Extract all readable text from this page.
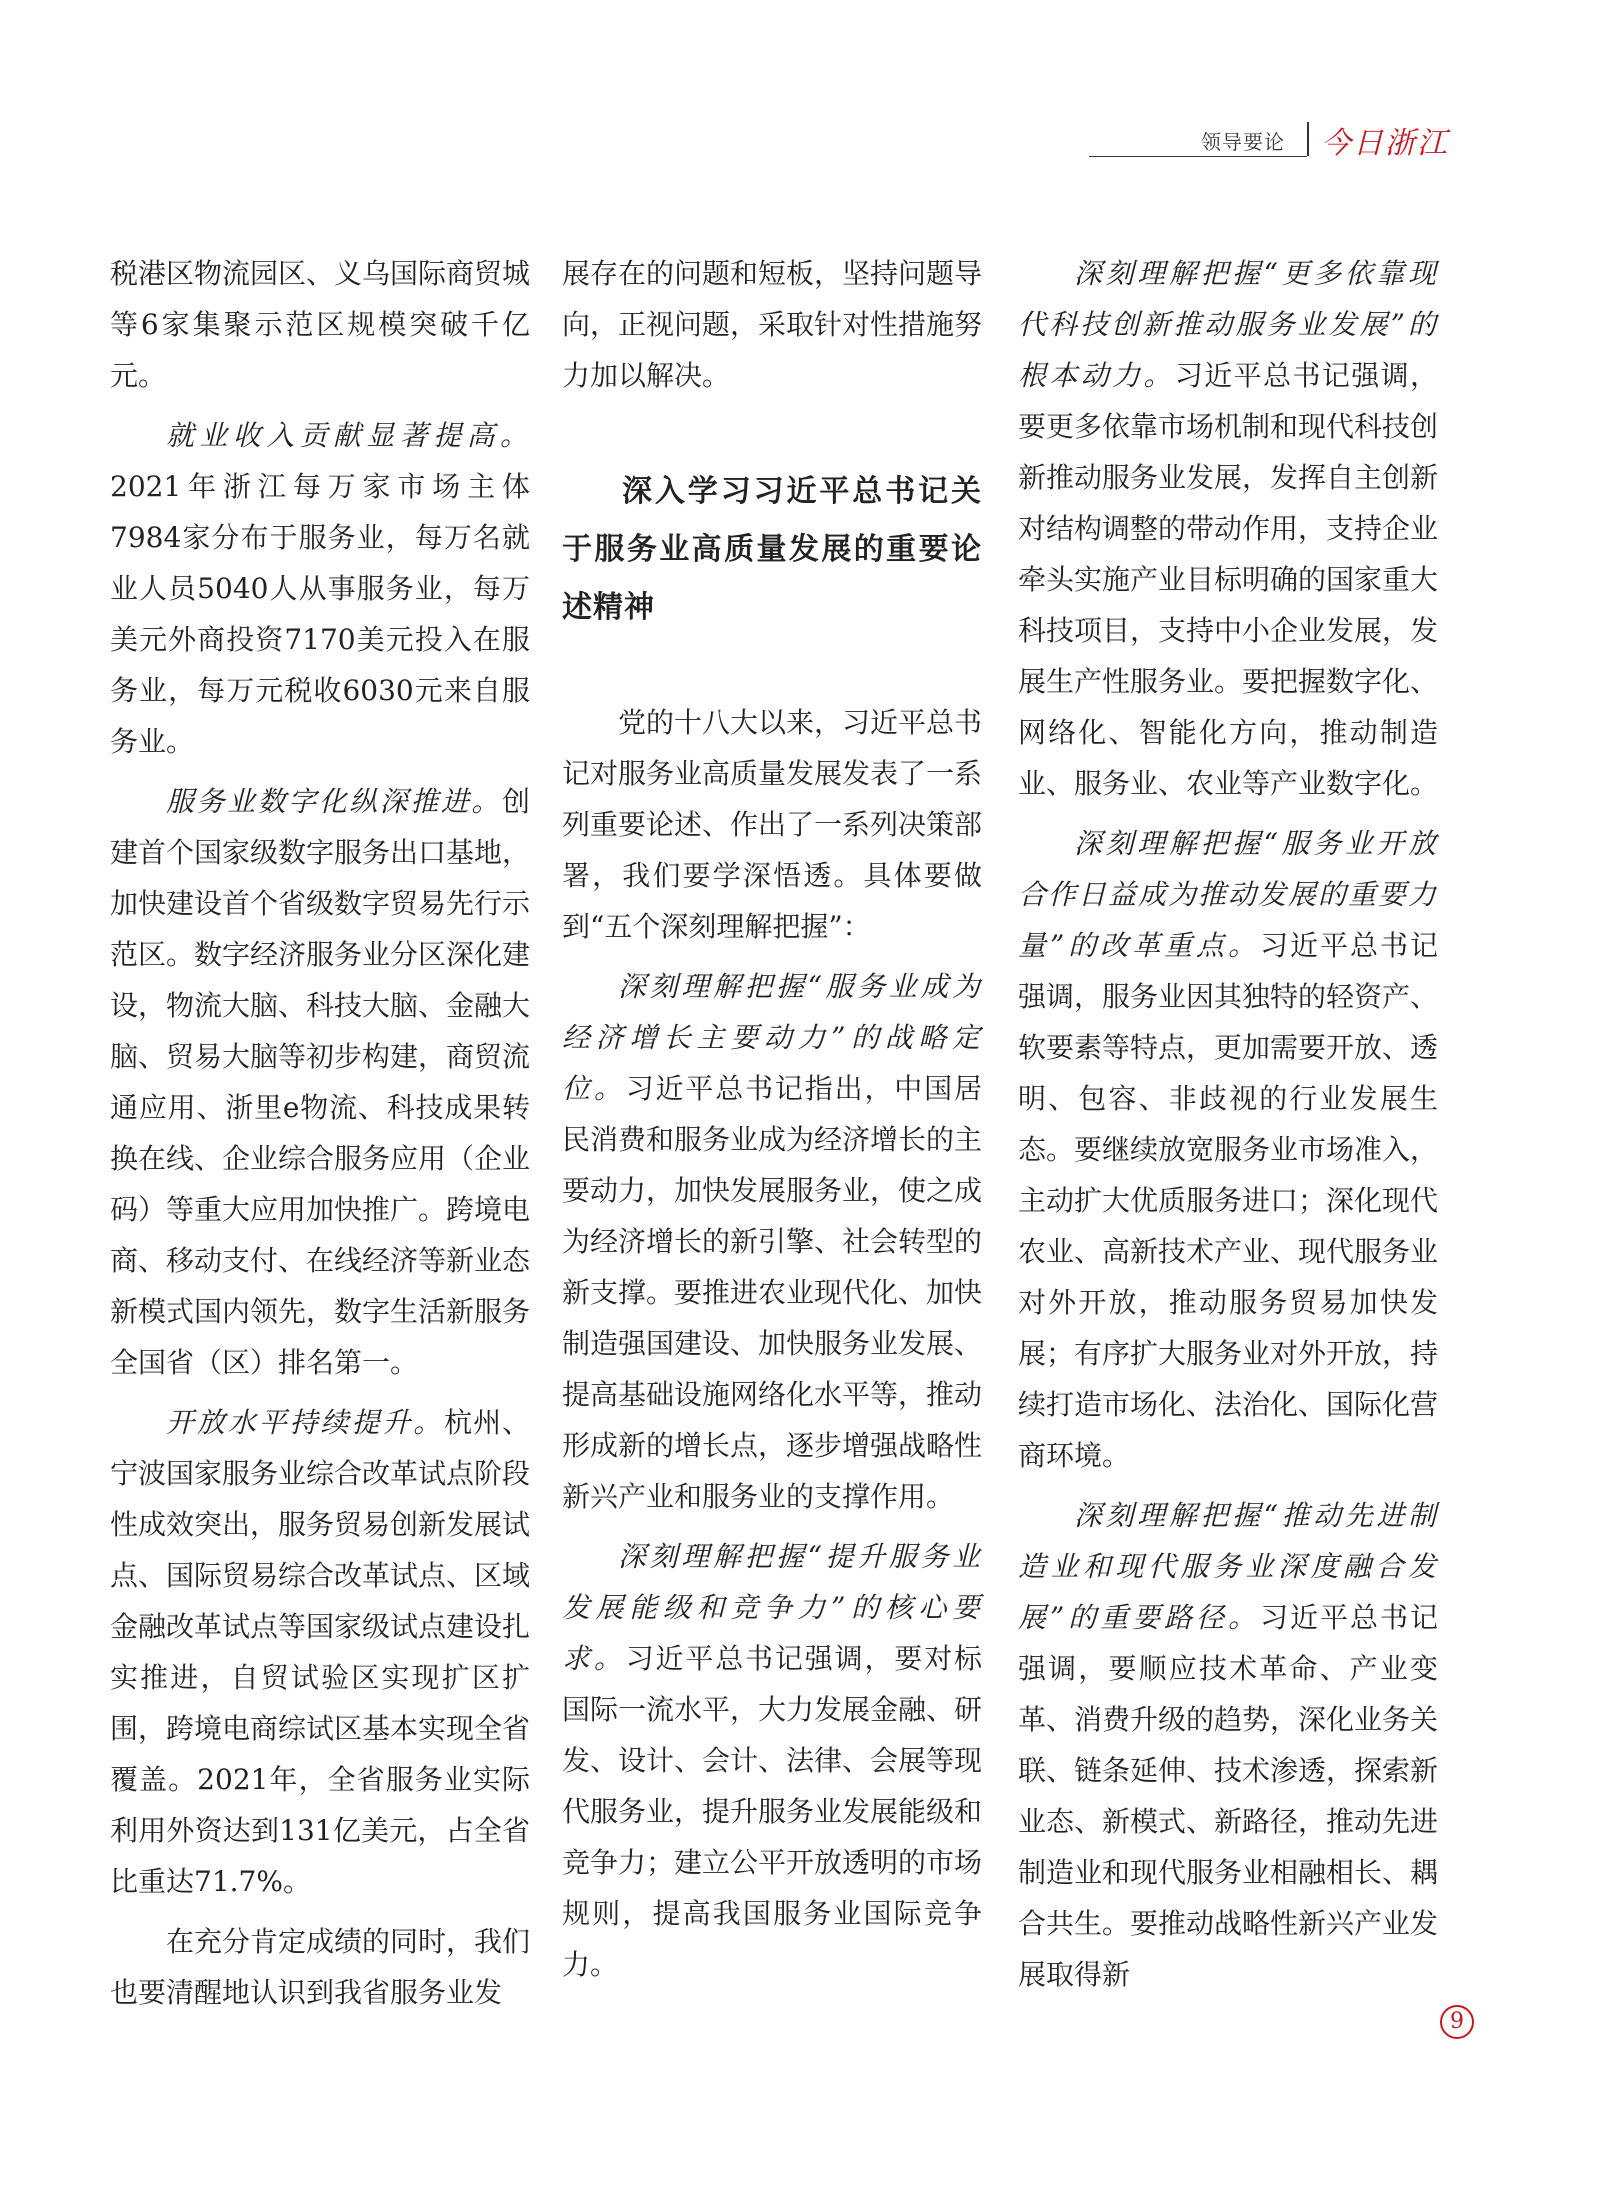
领导要论 今日浙江

税港区物流园区、义乌国际商贸城等6家集聚示范区规模突破千亿元。

就业收入贡献显著提高。2021年浙江每万家市场主体7984家分布于服务业，每万名就业人员5040人从事服务业，每万美元外商投资7170美元投入在服务业，每万元税收6030元来自服务业。

服务业数字化纵深推进。创建首个国家级数字服务出口基地，加快建设首个省级数字贸易先行示范区。数字经济服务业分区深化建设，物流大脑、科技大脑、金融大脑、贸易大脑等初步构建，商贸流通应用、浙里e物流、科技成果转换在线、企业综合服务应用（企业码）等重大应用加快推广。跨境电商、移动支付、在线经济等新业态新模式国内领先，数字生活新服务全国省（区）排名第一。

开放水平持续提升。杭州、宁波国家服务业综合改革试点阶段性成效突出，服务贸易创新发展试点、国际贸易综合改革试点、区域金融改革试点等国家级试点建设扎实推进，自贸试验区实现扩区扩围，跨境电商综试区基本实现全省覆盖。2021年，全省服务业实际利用外资达到131亿美元，占全省比重达71.7%。

在充分肯定成绩的同时，我们也要清醒地认识到我省服务业发

展存在的问题和短板，坚持问题导向，正视问题，采取针对性措施努力加以解决。

深入学习习近平总书记关于服务业高质量发展的重要论述精神

党的十八大以来，习近平总书记对服务业高质量发展发表了一系列重要论述、作出了一系列决策部署，我们要学深悟透。具体要做到“五个深刻理解把握”：

深刻理解把握“服务业成为经济增长主要动力”的战略定位。习近平总书记指出，中国居民消费和服务业成为经济增长的主要动力，加快发展服务业，使之成为经济增长的新引擎、社会转型的新支撑。要推进农业现代化、加快制造强国建设、加快服务业发展、提高基础设施网络化水平等，推动形成新的增长点，逐步增强战略性新兴产业和服务业的支撑作用。

深刻理解把握“提升服务业发展能级和竞争力”的核心要求。习近平总书记强调，要对标国际一流水平，大力发展金融、研发、设计、会计、法律、会展等现代服务业，提升服务业发展能级和竞争力；建立公平开放透明的市场规则，提高我国服务业国际竞争力。

深刻理解把握“更多依靠现代科技创新推动服务业发展”的根本动力。习近平总书记强调，要更多依靠市场机制和现代科技创新推动服务业发展，发挥自主创新对结构调整的带动作用，支持企业牵头实施产业目标明确的国家重大科技项目，支持中小企业发展，发展生产性服务业。要把握数字化、网络化、智能化方向，推动制造业、服务业、农业等产业数字化。

深刻理解把握“服务业开放合作日益成为推动发展的重要力量”的改革重点。习近平总书记强调，服务业因其独特的轻资产、软要素等特点，更加需要开放、透明、包容、非歧视的行业发展生态。要继续放宽服务业市场准入，主动扩大优质服务进口；深化现代农业、高新技术产业、现代服务业对外开放，推动服务贸易加快发展；有序扩大服务业对外开放，持续打造市场化、法治化、国际化营商环境。

深刻理解把握“推动先进制造业和现代服务业深度融合发展”的重要路径。习近平总书记强调，要顺应技术革命、产业变革、消费升级的趋势，深化业务关联、链条延伸、技术渗透，探索新业态、新模式、新路径，推动先进制造业和现代服务业相融相长、耦合共生。要推动战略性新兴产业发展取得新

9
